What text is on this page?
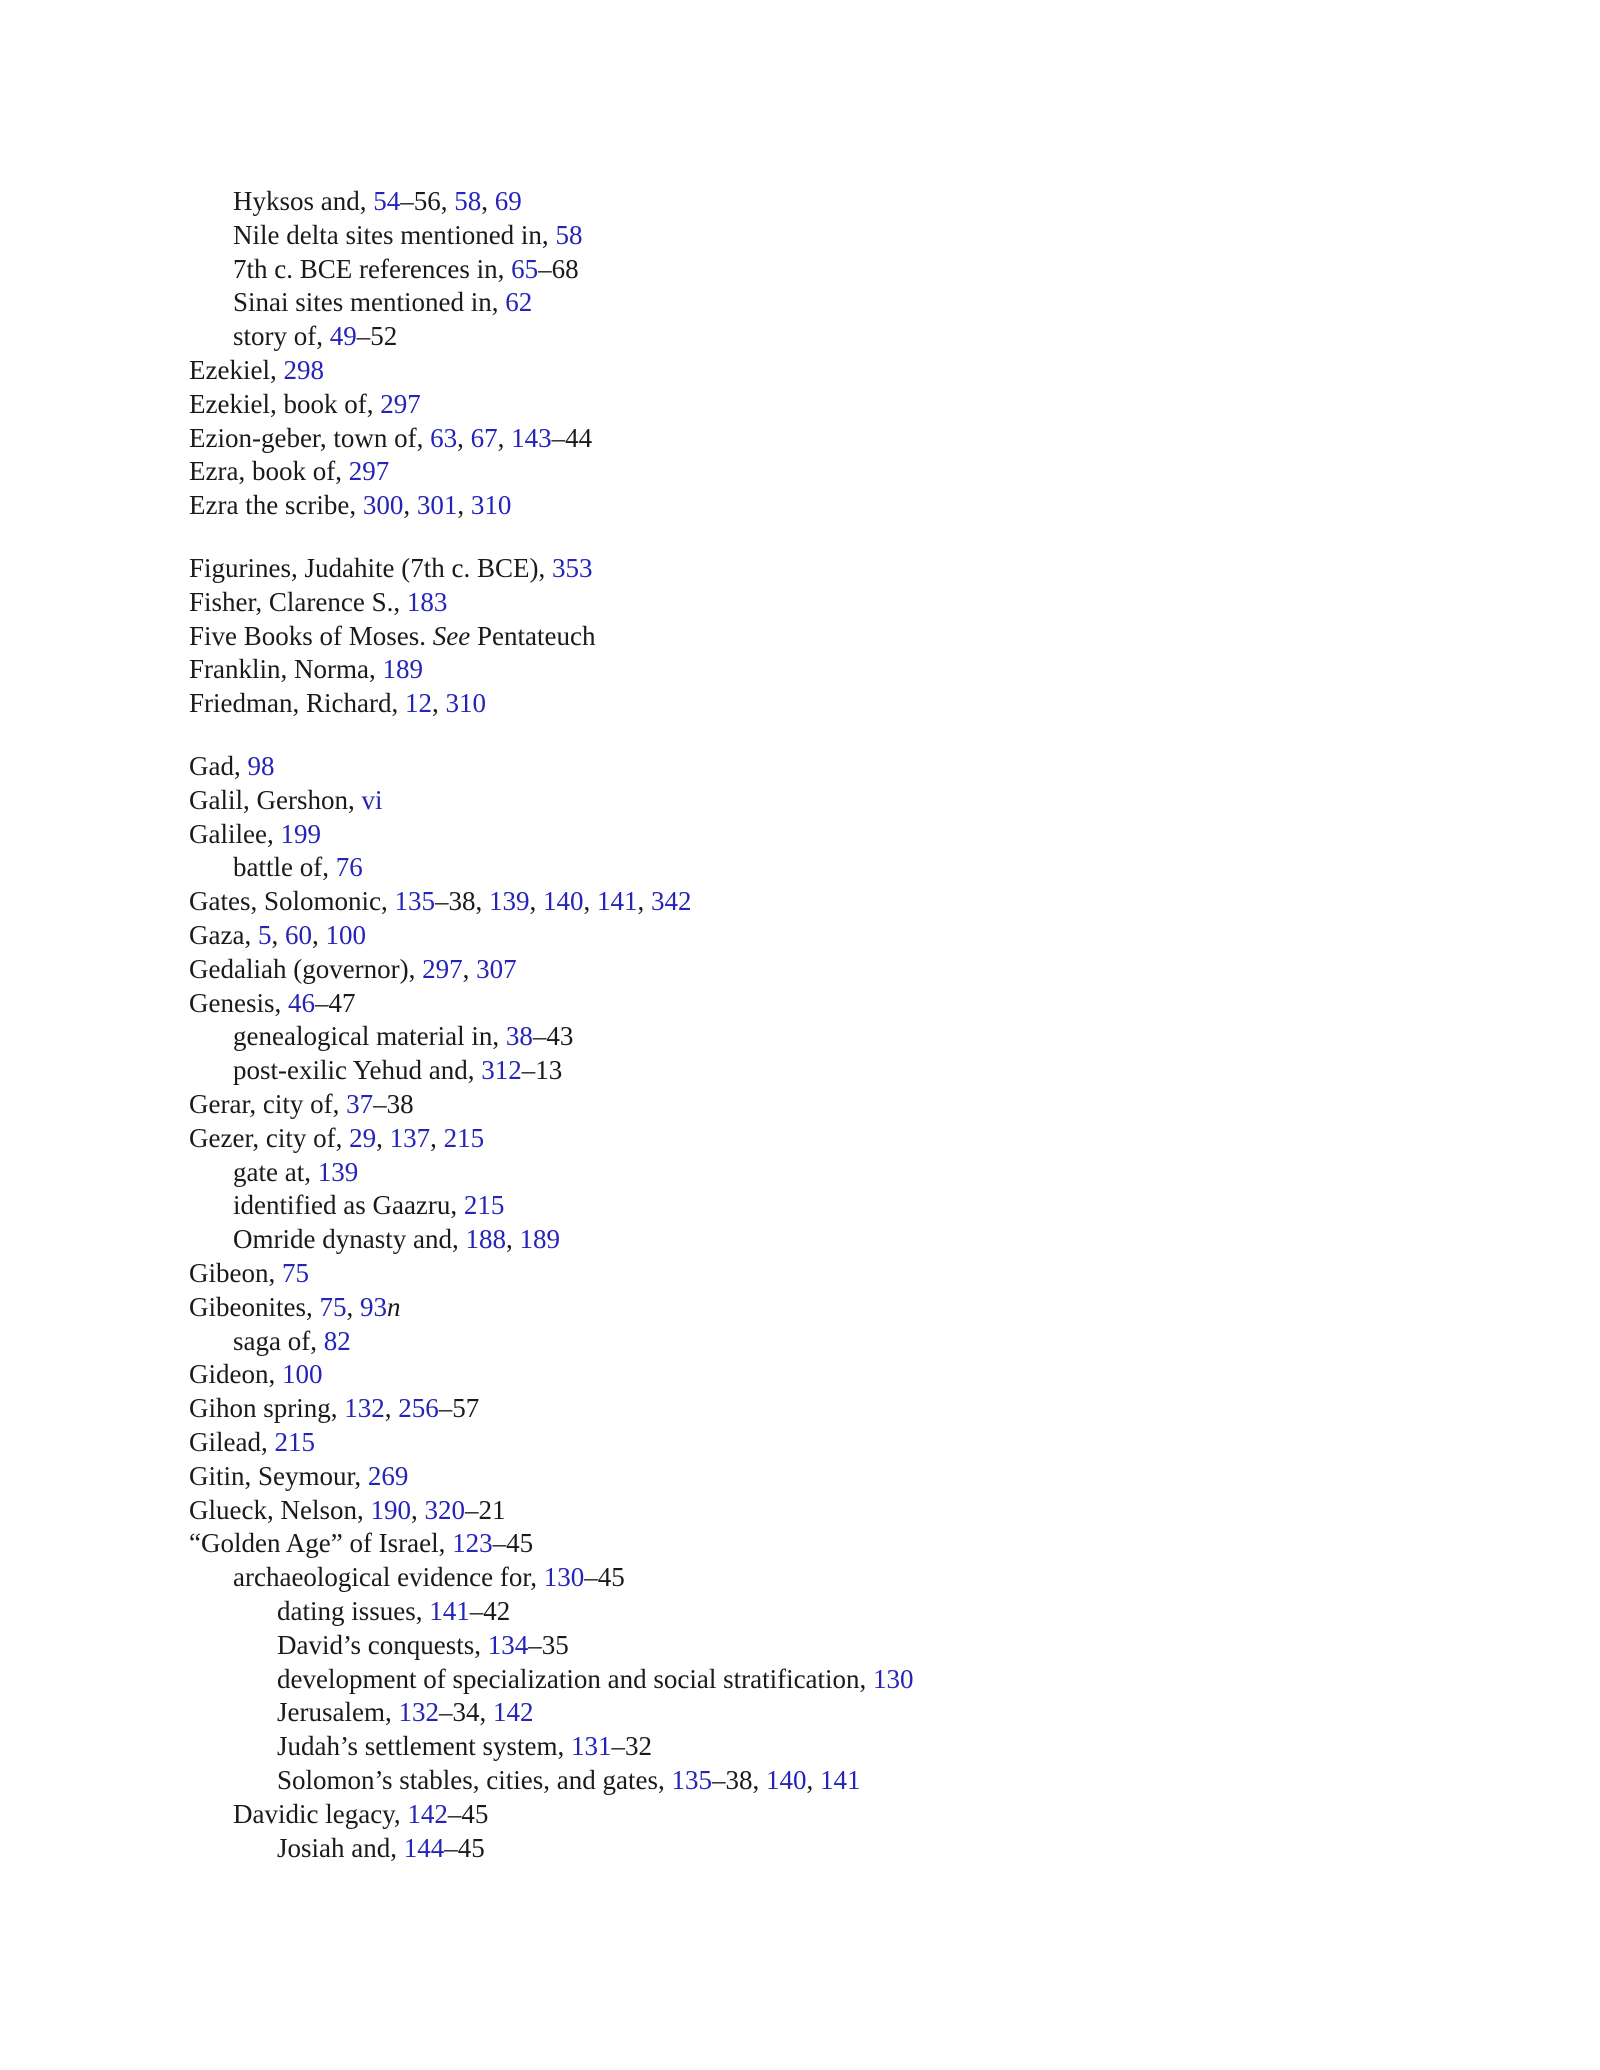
Hyksos and, 54–56, 58, 69
Nile delta sites mentioned in, 58
7th c. BCE references in, 65–68
Sinai sites mentioned in, 62
story of, 49–52
Ezekiel, 298
Ezekiel, book of, 297
Ezion-geber, town of, 63, 67, 143–44
Ezra, book of, 297
Ezra the scribe, 300, 301, 310
Figurines, Judahite (7th c. BCE), 353
Fisher, Clarence S., 183
Five Books of Moses. See Pentateuch
Franklin, Norma, 189
Friedman, Richard, 12, 310
Gad, 98
Galil, Gershon, vi
Galilee, 199
battle of, 76
Gates, Solomonic, 135–38, 139, 140, 141, 342
Gaza, 5, 60, 100
Gedaliah (governor), 297, 307
Genesis, 46–47
genealogical material in, 38–43
post-exilic Yehud and, 312–13
Gerar, city of, 37–38
Gezer, city of, 29, 137, 215
gate at, 139
identified as Gaazru, 215
Omride dynasty and, 188, 189
Gibeon, 75
Gibeonites, 75, 93n
saga of, 82
Gideon, 100
Gihon spring, 132, 256–57
Gilead, 215
Gitin, Seymour, 269
Glueck, Nelson, 190, 320–21
“Golden Age” of Israel, 123–45
archaeological evidence for, 130–45
dating issues, 141–42
David’s conquests, 134–35
development of specialization and social stratification, 130
Jerusalem, 132–34, 142
Judah’s settlement system, 131–32
Solomon’s stables, cities, and gates, 135–38, 140, 141
Davidic legacy, 142–45
Josiah and, 144–45
